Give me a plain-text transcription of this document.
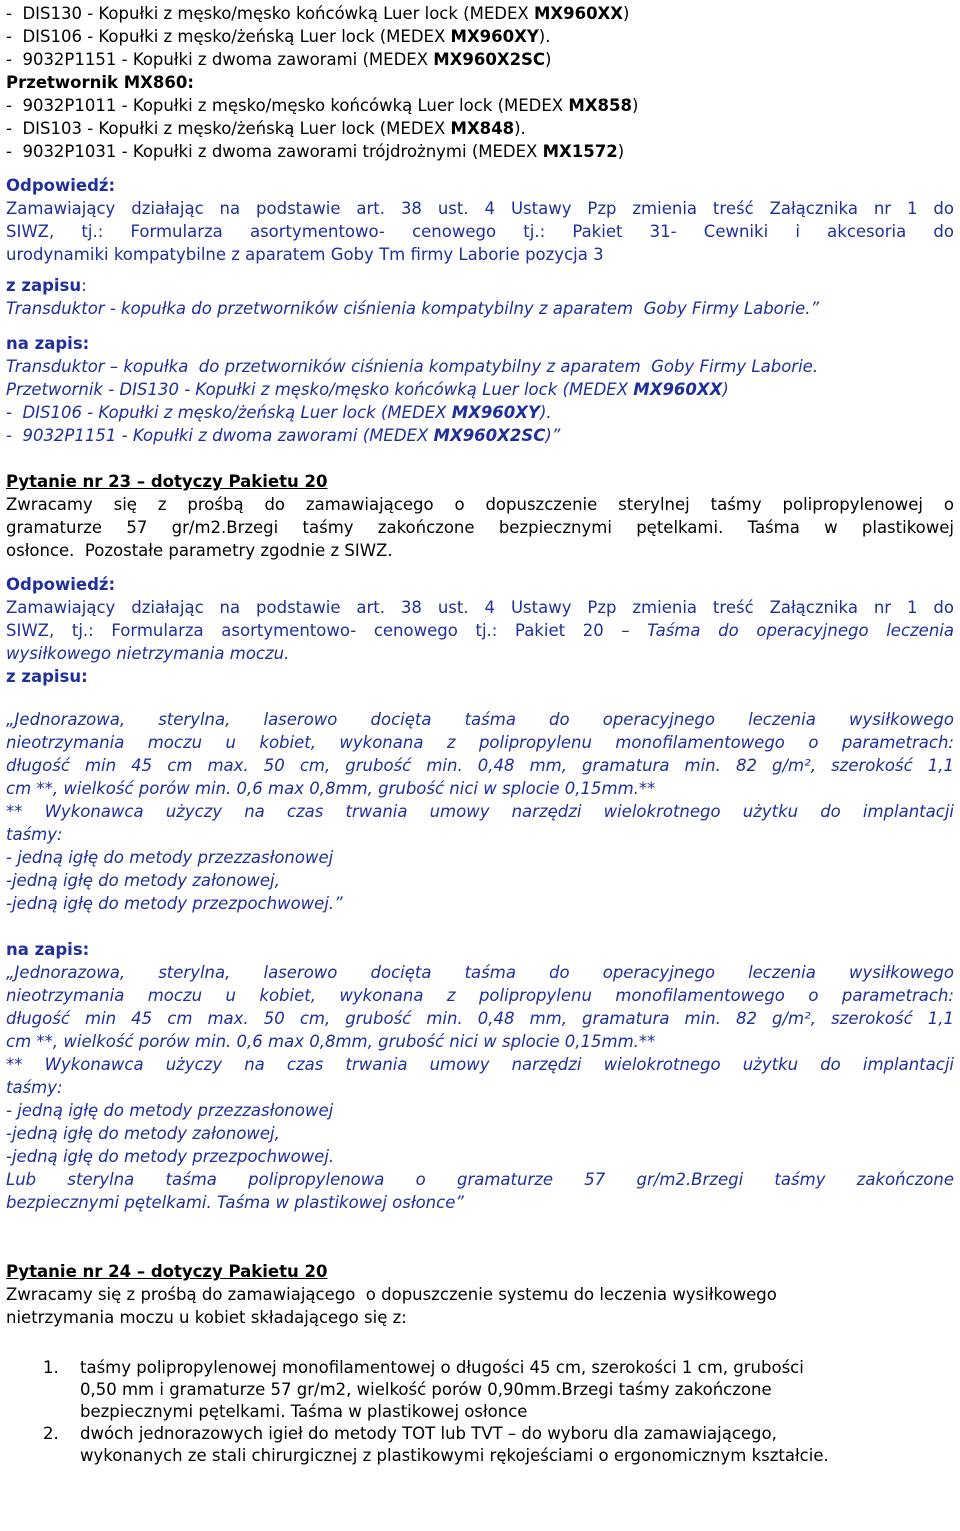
-  DIS130 - Kopułki z męsko/męsko końcówką Luer lock (MEDEX MX960XX)
-  DIS106 - Kopułki z męsko/żeńską Luer lock (MEDEX MX960XY).
-  9032P1151 - Kopułki z dwoma zaworami (MEDEX MX960X2SC)
Przetwornik MX860:
-  9032P1011 - Kopułki z męsko/męsko końcówką Luer lock (MEDEX MX858)
-  DIS103 - Kopułki z męsko/żeńską Luer lock (MEDEX MX848).
-  9032P1031 - Kopułki z dwoma zaworami trójdrożnymi (MEDEX MX1572)
Odpowiedź:
Zamawiający działając na podstawie art. 38 ust. 4 Ustawy Pzp zmienia treść Załącznika nr 1 do
SIWZ, tj.: Formularza asortymentowo- cenowego tj.: Pakiet 31- Cewniki i akcesoria do
urodynamiki kompatybilne z aparatem Goby Tm firmy Laborie pozycja 3
z zapisu:
Transduktor - kopułka do przetworników ciśnienia kompatybilny z aparatem  Goby Firmy Laborie.”
na zapis:
Transduktor – kopułka  do przetworników ciśnienia kompatybilny z aparatem  Goby Firmy Laborie.
Przetwornik - DIS130 - Kopułki z męsko/męsko końcówką Luer lock (MEDEX MX960XX)
-  DIS106 - Kopułki z męsko/żeńską Luer lock (MEDEX MX960XY).
-  9032P1151 - Kopułki z dwoma zaworami (MEDEX MX960X2SC)”
Pytanie nr 23 – dotyczy Pakietu 20
Zwracamy się z prośbą do zamawiającego o dopuszczenie sterylnej taśmy polipropylenowej o
gramaturze 57 gr/m2.Brzegi taśmy zakończone bezpiecznymi pętelkami. Taśma w plastikowej
osłonce.  Pozostałe parametry zgodnie z SIWZ.
Odpowiedź:
Zamawiający działając na podstawie art. 38 ust. 4 Ustawy Pzp zmienia treść Załącznika nr 1 do
SIWZ, tj.: Formularza asortymentowo- cenowego tj.: Pakiet 20 – Taśma do operacyjnego leczenia
wysiłkowego nietrzymania moczu.
z zapisu:
„Jednorazowa, sterylna, laserowo docięta taśma do operacyjnego leczenia wysiłkowego
nieotrzymania moczu u kobiet, wykonana z polipropylenu monofilamentowego o parametrach:
długość min 45 cm max. 50 cm, grubość min. 0,48 mm, gramatura min. 82 g/m², szerokość 1,1
cm **, wielkość porów min. 0,6 max 0,8mm, grubość nici w splocie 0,15mm.**
** Wykonawca użyczy na czas trwania umowy narzędzi wielokrotnego użytku do implantacji
taśmy:
- jedną igłę do metody przezzasłonowej
-jedną igłę do metody załonowej,
-jedną igłę do metody przezpochwowej.”
na zapis:
„Jednorazowa, sterylna, laserowo docięta taśma do operacyjnego leczenia wysiłkowego
nieotrzymania moczu u kobiet, wykonana z polipropylenu monofilamentowego o parametrach:
długość min 45 cm max. 50 cm, grubość min. 0,48 mm, gramatura min. 82 g/m², szerokość 1,1
cm **, wielkość porów min. 0,6 max 0,8mm, grubość nici w splocie 0,15mm.**
** Wykonawca użyczy na czas trwania umowy narzędzi wielokrotnego użytku do implantacji
taśmy:
- jedną igłę do metody przezzasłonowej
-jedną igłę do metody załonowej,
-jedną igłę do metody przezpochwowej.
Lub sterylna taśma polipropylenowa o gramaturze 57 gr/m2.Brzegi taśmy zakończone
bezpiecznymi pętelkami. Taśma w plastikowej osłonce”
Pytanie nr 24 – dotyczy Pakietu 20
Zwracamy się z prośbą do zamawiającego  o dopuszczenie systemu do leczenia wysiłkowego
nietrzymania moczu u kobiet składającego się z:
1. taśmy polipropylenowej monofilamentowej o długości 45 cm, szerokości 1 cm, grubości
0,50 mm i gramaturze 57 gr/m2, wielkość porów 0,90mm.Brzegi taśmy zakończone
bezpiecznymi pętelkami. Taśma w plastikowej osłonce
2. dwóch jednorazowych igieł do metody TOT lub TVT – do wyboru dla zamawiającego,
wykonanych ze stali chirurgicznej z plastikowymi rękojeściami o ergonomicznym kształcie.
